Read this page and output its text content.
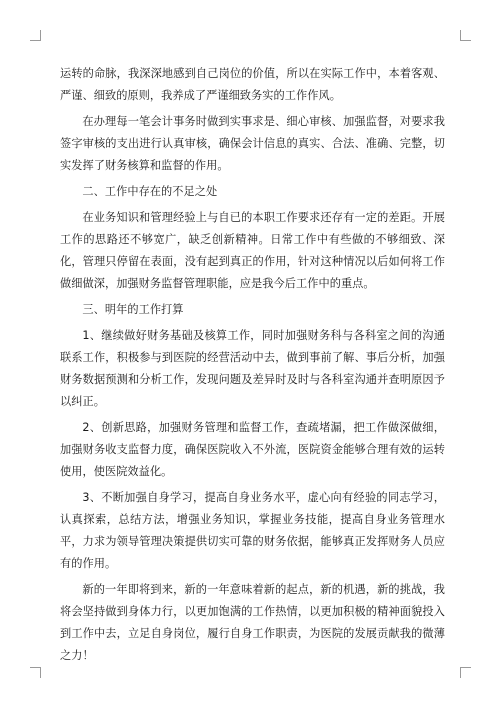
运转的命脉，我深深地感到自己岗位的价值，所以在实际工作中，本着客观、严谨、细致的原则，我养成了严谨细致务实的工作作风。

在办理每一笔会计事务时做到实事求是、细心审核、加强监督，对要求我签字审核的支出进行认真审核，确保会计信息的真实、合法、准确、完整，切实发挥了财务核算和监督的作用。

二、工作中存在的不足之处

在业务知识和管理经验上与自已的本职工作要求还存有一定的差距。开展工作的思路还不够宽广，缺乏创新精神。日常工作中有些做的不够细致、深化，管理只停留在表面，没有起到真正的作用，针对这种情况以后如何将工作做细做深，加强财务监督管理职能，应是我今后工作中的重点。

三、明年的工作打算

1、继续做好财务基础及核算工作，同时加强财务科与各科室之间的沟通联系工作，积极参与到医院的经营活动中去，做到事前了解、事后分析，加强财务数据预测和分析工作，发现问题及差异时及时与各科室沟通并查明原因予以纠正。

2、创新思路，加强财务管理和监督工作，查疏堵漏，把工作做深做细，加强财务收支监督力度，确保医院收入不外流，医院资金能够合理有效的运转使用，使医院效益化。

3、不断加强自身学习，提高自身业务水平，虚心向有经验的同志学习，认真探索，总结方法，增强业务知识，掌握业务技能，提高自身业务管理水平，力求为领导管理决策提供切实可靠的财务依据，能够真正发挥财务人员应有的作用。

新的一年即将到来，新的一年意味着新的起点，新的机遇，新的挑战，我将会坚持做到身体力行，以更加饱满的工作热情，以更加积极的精神面貌投入到工作中去，立足自身岗位，履行自身工作职责，为医院的发展贡献我的微薄之力！
